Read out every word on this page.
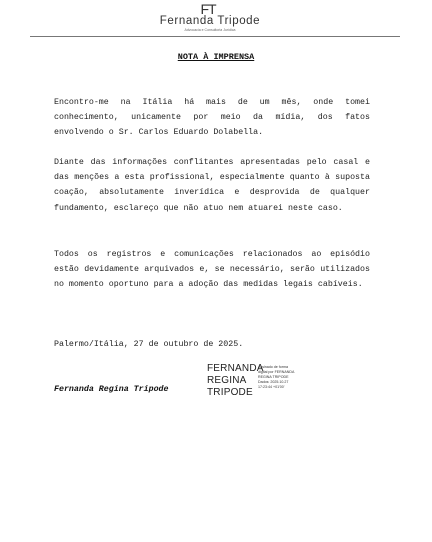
FT
Fernanda Tripode
Advocacia e Consultoria Jurídica
NOTA À IMPRENSA

Encontro-me na Itália há mais de um mês, onde tomei conhecimento, unicamente por meio da mídia, dos fatos envolvendo o Sr. Carlos Eduardo Dolabella.

Diante das informações conflitantes apresentadas pelo casal e das menções a esta profissional, especialmente quanto à suposta coação, absolutamente inverídica e desprovida de qualquer fundamento, esclareço que não atuo nem atuarei neste caso.

Todos os registros e comunicações relacionados ao episódio estão devidamente arquivados e, se necessário, serão utilizados no momento oportuno para a adoção das medidas legais cabíveis.

Palermo/Itália, 27 de outubro de 2025.
FERNANDA
REGINA
TRIPODE
Assinado de forma
digital por FERNANDA
REGINA TRIPODE
Dados: 2025.10.27
17:23:44 +01'00'
Fernanda Regina Tripode
